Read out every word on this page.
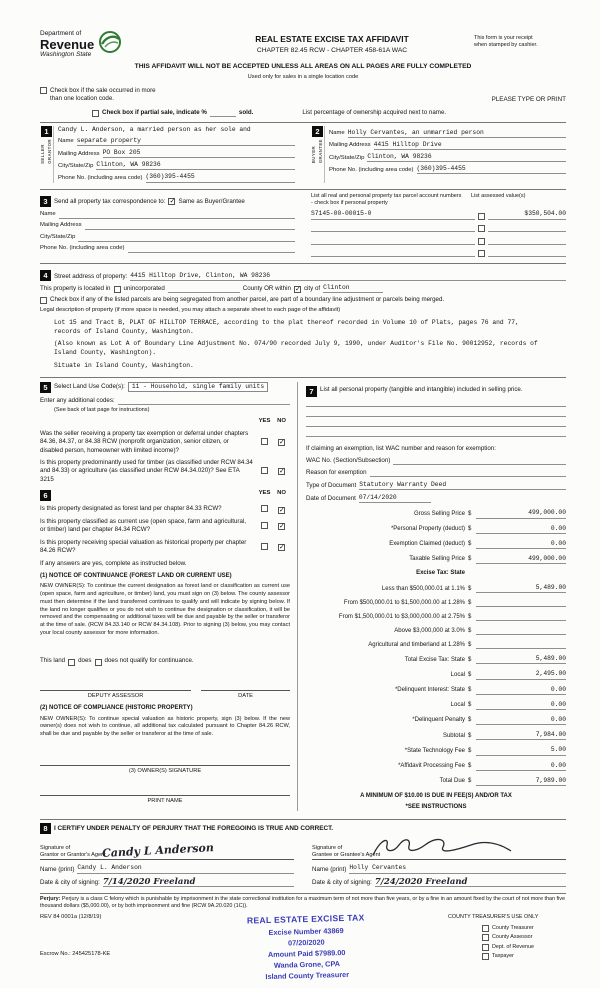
Department of
Revenue
Washington State
REAL ESTATE EXCISE TAX AFFIDAVIT
CHAPTER 82.45 RCW - CHAPTER 458-61A WAC
This form is your receipt
when stamped by cashier.
THIS AFFIDAVIT WILL NOT BE ACCEPTED UNLESS ALL AREAS ON ALL PAGES ARE FULLY COMPLETED
Used only for sales in a single location code
Check box if the sale occurred in more than one location code.	PLEASE TYPE OR PRINT
Check box if partial sale, indicate %	sold.	List percentage of ownership acquired next to name.
1
SELLER GRANTOR
Candy L. Anderson, a married person as her sole and
Name separate property
Mailing Address PO Box 205
City/State/Zip Clinton, WA 98236
Phone No. (including area code) (360)395-4455
2
BUYER GRANTEE
Name Holly Cervantes, an unmarried person
Mailing Address 4415 Hilltop Drive
City/State/Zip Clinton, WA 98236
Phone No. (including area code) (360)395-4455
3	Send all property tax correspondence to: ✓ Same as Buyer/Grantee
Name
Mailing Address
City/State/Zip
Phone No. (including area code)
List all real and personal property tax parcel account numbers - check box if personal property
List assessed value(s)
S7145-00-00015-0	$350,504.00
4	Street address of property: 4415 Hilltop Drive, Clinton, WA 98236
This property is located in unincorporated	County OR within ✓ city of Clinton
Check box if any of the listed parcels are being segregated from another parcel, are part of a boundary line adjustment or parcels being merged.
Legal description of property (if more space is needed, you may attach a separate sheet to each page of the affidavit)
Lot 15 and Tract B, PLAT OF HILLTOP TERRACE, according to the plat thereof recorded in Volume 10 of Plats, pages 76 and 77, records of Island County, Washington.
(Also known as Lot A of Boundary Line Adjustment No. 074/90 recorded July 9, 1990, under Auditor's File No. 90012952, records of Island County, Washington).
Situate in Island County, Washington.
5	Select Land Use Code(s):	11 - Household, single family units
Enter any additional codes:
(See back of last page for instructions)
YES	NO
Was the seller receiving a property tax exemption or deferral under chapters 84.36, 84.37, or 84.38 RCW (nonprofit organization, senior citizen, or disabled person, homeowner with limited income)?
✓
Is this property predominantly used for timber (as classified under RCW 84.34 and 84.33) or agriculture (as classified under RCW 84.34.020)? See ETA 3215
✓
6	YES	NO
Is this property designated as forest land per chapter 84.33 RCW?	✓
Is this property classified as current use (open space, farm and agricultural, or timber) land per chapter 84.34 RCW?	✓
Is this property receiving special valuation as historical property per chapter 84.26 RCW?	✓
If any answers are yes, complete as instructed below.
(1) NOTICE OF CONTINUANCE (FOREST LAND OR CURRENT USE)
NEW OWNER(S): To continue the current designation as forest land or classification as current use (open space, farm and agriculture, or timber) land, you must sign on (3) below. The county assessor must then determine if the land transferred continues to qualify and will indicate by signing below. If the land no longer qualifies or you do not wish to continue the designation or classification, it will be removed and the compensating or additional taxes will be due and payable by the seller or transferor at the time of sale. (RCW 84.33.140 or RCW 84.34.108). Prior to signing (3) below, you may contact your local county assessor for more information.
This land does does not qualify for continuance.
DEPUTY ASSESSOR	DATE
(2) NOTICE OF COMPLIANCE (HISTORIC PROPERTY)
NEW OWNER(S): To continue special valuation as historic property, sign (3) below. If the new owner(s) does not wish to continue, all additional tax calculated pursuant to Chapter 84.26 RCW, shall be due and payable by the seller or transferor at the time of sale.
(3) OWNER(S) SIGNATURE
PRINT NAME
7	List all personal property (tangible and intangible) included in selling price.
If claiming an exemption, list WAC number and reason for exemption:
WAC No. (Section/Subsection)
Reason for exemption
Type of Document Statutory Warranty Deed
Date of Document 07/14/2020
Gross Selling Price $	499,000.00
*Personal Property (deduct) $	0.00
Exemption Claimed (deduct) $	0.00
Taxable Selling Price $	499,000.00
Excise Tax: State
Less than $500,000.01 at 1.1% $	5,489.00
From $500,000.01 to $1,500,000.00 at 1.28% $
From $1,500,000.01 to $3,000,000.00 at 2.75% $
Above $3,000,000 at 3.0% $
Agricultural and timberland at 1.28% $
Total Excise Tax: State $	5,489.00
Local $	2,495.00
*Delinquent Interest: State $	0.00
Local $	0.00
*Delinquent Penalty $	0.00
Subtotal $	7,984.00
*State Technology Fee $	5.00
*Affidavit Processing Fee $	0.00
Total Due $	7,989.00
A MINIMUM OF $10.00 IS DUE IN FEE(S) AND/OR TAX
*SEE INSTRUCTIONS
8	I CERTIFY UNDER PENALTY OF PERJURY THAT THE FOREGOING IS TRUE AND CORRECT.
Signature of
Grantor or Grantor's Agent
Candy L Anderson
Name (print) Candy L. Anderson
Date & city of signing: 7/14/2020 Freeland
Signature of
Grantee or Grantee's Agent
Name (print) Holly Cervantes
Date & city of signing: 7/24/2020 Freeland
Perjury: Perjury is a class C felony which is punishable by imprisonment in the state correctional institution for a maximum term of not more than five years, or by a fine in an amount fixed by the court of not more than five thousand dollars ($5,000.00), or by both imprisonment and fine (RCW 9A.20.020 (1C)).
REV 84 0001a (12/8/19)
Escrow No.: 245425178-KE
REAL ESTATE EXCISE TAX
Excise Number 43869
07/20/2020
Amount Paid $7989.00
Wanda Grone, CPA
Island County Treasurer
COUNTY TREASURER'S USE ONLY
County Treasurer
County Assessor
Dept. of Revenue
Taxpayer
